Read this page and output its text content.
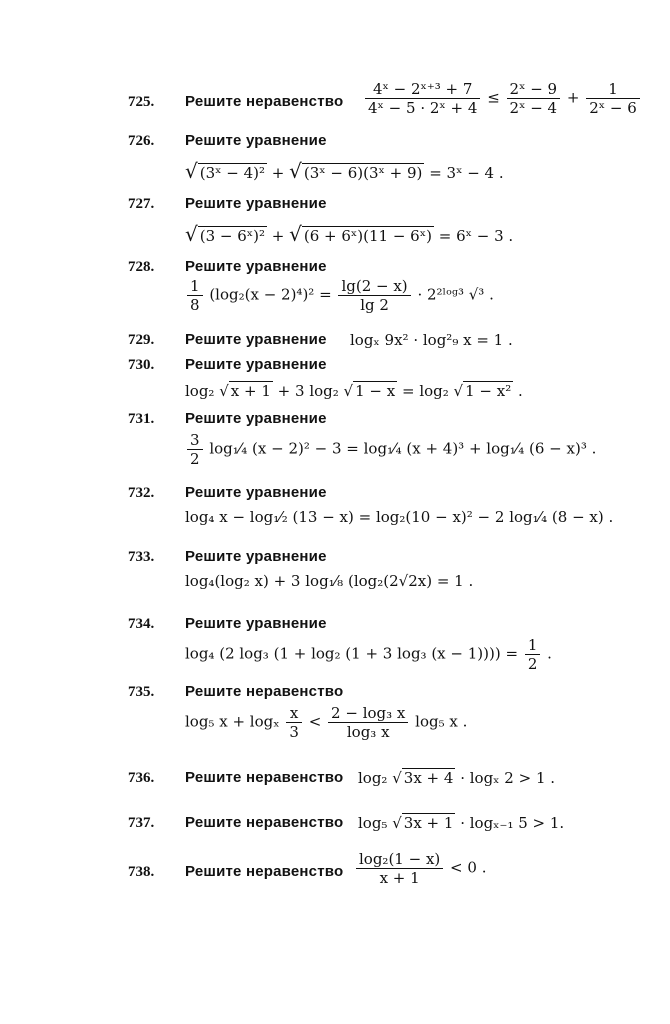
725.	Решите неравенство $\frac{\text{4ˣ − 2ˣ⁺³ + 7}}{\text{4ˣ − 5 · 2ˣ + 4}} \le \frac{\text{2ˣ − 9}}{\text{2ˣ − 4}} + \frac{1}{\text{2ˣ − 6}}$
726.	Решите уравнение
√ (3ˣ − 4)² + √ (3ˣ − 6)(3ˣ + 9) = 3ˣ − 4 .
727.	Решите уравнение
√ (3 − 6ˣ)² + √ (6 + 6ˣ)(11 − 6ˣ) = 6ˣ − 3 .
728.	Решите уравнение
$\frac{1}{8} (\log_2(x - 2)^4)^2 = \frac{\lg(2 - x)}{\lg 2}$ · 2²ˡᵒᵍ³ √³ .
729.	Решите уравнение logₓ 9x² · log²₉ x = 1 .
730.	Решите уравнение
log₂ √ x + 1 + 3 log₂ √ 1 − x = log₂ √ 1 − x² .
731.	Решите уравнение
$\frac{3}{2}$ log₁⁄₄ (x − 2)² − 3 = log₁⁄₄ (x + 4)³ + log₁⁄₄ (6 − x)³ .
732.	Решите уравнение
log₄ x − log₁⁄₂ (13 − x) = log₂(10 − x)² − 2 log₁⁄₄ (8 − x) .
733.	Решите уравнение
log₄(log₂ x) + 3 log₁⁄₈ (log₂(2√2x) = 1 .
734.	Решите уравнение
log₄ (2 log₃ (1 + log₂ (1 + 3 log₃ $(x - 1)))) = \frac{1}{2}$ .
735.	Решите неравенство
log₅ x + logₓ $\frac{x}{3} < \frac{\text{2 − log₃ x}}{\text{log₃ x}} \log_5$ x .
736.	Решите неравенство log₂ √ 3x + 4 · logₓ 2 > 1 .
737.	Решите неравенство log₅ √ 3x + 1 · logₓ₋₁ 5 > 1.
738.	Решите неравенство $\frac{\text{log₂(1 − x)}}{x + 1} < 0$ .
